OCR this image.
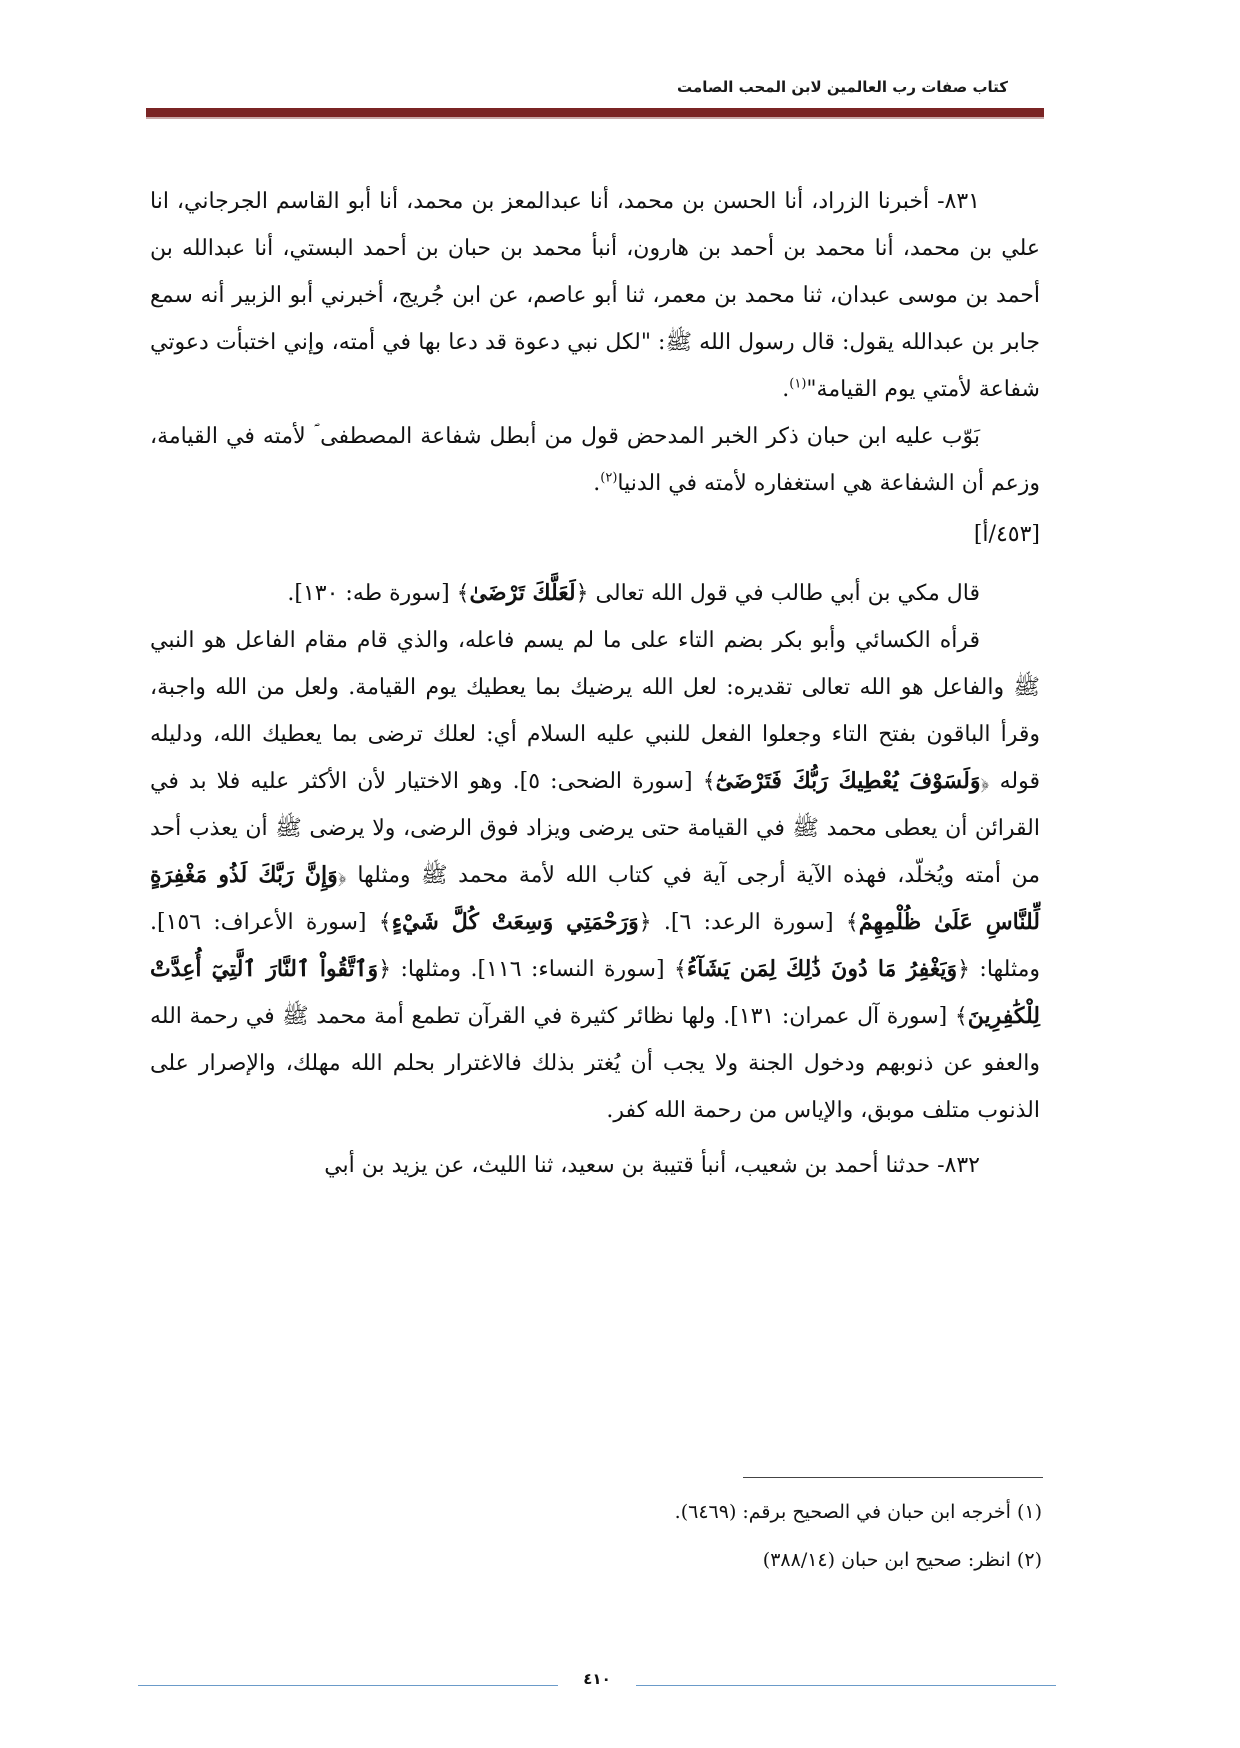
كتاب صفات رب العالمين لابن المحب الصامت

٨٣١- أخبرنا الزراد، أنا الحسن بن محمد، أنا عبدالمعز بن محمد، أنا أبو القاسم الجرجاني، انا علي بن محمد، أنا محمد بن أحمد بن هارون، أنبأ محمد بن حبان بن أحمد البستي، أنا عبدالله بن أحمد بن موسى عبدان، ثنا محمد بن معمر، ثنا أبو عاصم، عن ابن جُريج، أخبرني أبو الزبير أنه سمع جابر بن عبدالله يقول: قال رسول الله ﷺ: "لكل نبي دعوة قد دعا بها في أمته، وإني اختبأت دعوتي شفاعة لأمتي يوم القيامة"$^{(١)}$.

بَوّب عليه ابن حبان ذكر الخبر المدحض قول من أبطل شفاعة المصطفى ؐ لأمته في القيامة، وزعم أن الشفاعة هي استغفاره لأمته في الدنيا$^{(٢)}$.

[٤٥٣/أ]

قال مكي بن أبي طالب في قول الله تعالى ﴿لَعَلَّكَ تَرْضَىٰ﴾ [سورة طه: ١٣٠].

قرأه الكسائي وأبو بكر بضم التاء على ما لم يسم فاعله، والذي قام مقام الفاعل هو النبي ﷺ والفاعل هو الله تعالى تقديره: لعل الله يرضيك بما يعطيك يوم القيامة. ولعل من الله واجبة، وقرأ الباقون بفتح التاء وجعلوا الفعل للنبي عليه السلام أي: لعلك ترضى بما يعطيك الله، ودليله قوله ﴿وَلَسَوْفَ يُعْطِيكَ رَبُّكَ فَتَرْضَىٰٓ﴾ [سورة الضحى: ٥]. وهو الاختيار لأن الأكثر عليه فلا بد في القرائن أن يعطى محمد ﷺ في القيامة حتى يرضى ويزاد فوق الرضى، ولا يرضى ﷺ أن يعذب أحد من أمته ويُخلّد، فهذه الآية أرجى آية في كتاب الله لأمة محمد ﷺ ومثلها ﴿وَإِنَّ رَبَّكَ لَذُو مَغْفِرَةٍ لِّلنَّاسِ عَلَىٰ ظُلْمِهِمْ﴾ [سورة الرعد: ٦]. ﴿وَرَحْمَتِي وَسِعَتْ كُلَّ شَيْءٍ﴾ [سورة الأعراف: ١٥٦]. ومثلها: ﴿وَيَغْفِرُ مَا دُونَ ذَٰلِكَ لِمَن يَشَآءُ﴾ [سورة النساء: ١١٦]. ومثلها: ﴿وَٱتَّقُواْ ٱلنَّارَ ٱلَّتِيٓ أُعِدَّتْ لِلْكَٰفِرِينَ﴾ [سورة آل عمران: ١٣١]. ولها نظائر كثيرة في القرآن تطمع أمة محمد ﷺ في رحمة الله والعفو عن ذنوبهم ودخول الجنة ولا يجب أن يُغتر بذلك فالاغترار بحلم الله مهلك، والإصرار على الذنوب متلف موبق، والإياس من رحمة الله كفر.

٨٣٢- حدثنا أحمد بن شعيب، أنبأ قتيبة بن سعيد، ثنا الليث، عن يزيد بن أبي

(١) أخرجه ابن حبان في الصحيح برقم: (٦٤٦٩).

(٢) انظر: صحيح ابن حبان (٣٨٨/١٤)

٤١٠
